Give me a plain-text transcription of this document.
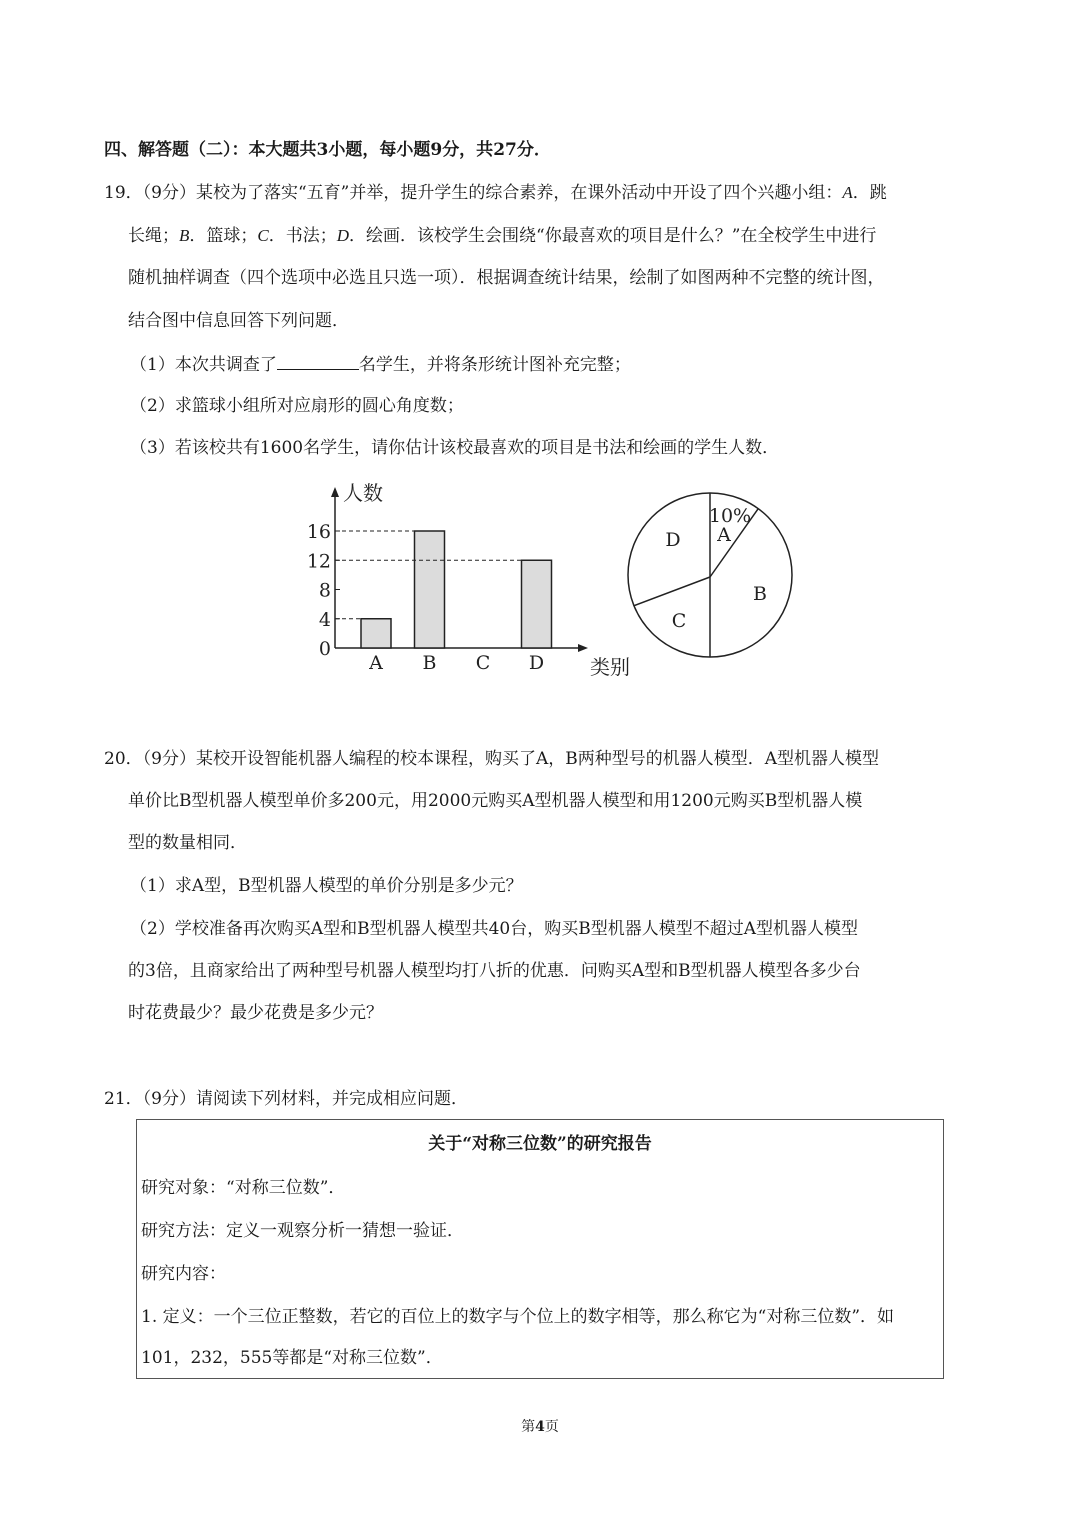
四、解答题（二）：本大题共3小题，每小题9分，共27分．
19．（9分）某校为了落实“五育”并举，提升学生的综合素养，在课外活动中开设了四个兴趣小组：A．跳
长绳；B．篮球；C．书法；D．绘画．该校学生会围绕“你最喜欢的项目是什么？”在全校学生中进行
随机抽样调查（四个选项中必选且只选一项）．根据调查统计结果，绘制了如图两种不完整的统计图，
结合图中信息回答下列问题．
（1）本次共调查了	名学生，并将条形统计图补充完整；
（2）求篮球小组所对应扇形的圆心角度数；
（3）若该校共有1600名学生，请你估计该校最喜欢的项目是书法和绘画的学生人数．
人数
类别
0
4
8
12
16
A B C D
A
B
C
D
10%
20．（9分）某校开设智能机器人编程的校本课程，购买了A，B两种型号的机器人模型．A型机器人模型
单价比B型机器人模型单价多200元，用2000元购买A型机器人模型和用1200元购买B型机器人模
型的数量相同．
（1）求A型，B型机器人模型的单价分别是多少元？
（2）学校准备再次购买A型和B型机器人模型共40台，购买B型机器人模型不超过A型机器人模型
的3倍，且商家给出了两种型号机器人模型均打八折的优惠．问购买A型和B型机器人模型各多少台
时花费最少？最少花费是多少元？
21．（9分）请阅读下列材料，并完成相应问题．
关于“对称三位数”的研究报告
研究对象：“对称三位数”．
研究方法：定义一观察分析一猜想一验证．
研究内容：
1. 定义：一个三位正整数，若它的百位上的数字与个位上的数字相等，那么称它为“对称三位数”．如
101，232，555等都是“对称三位数”．
第4页
